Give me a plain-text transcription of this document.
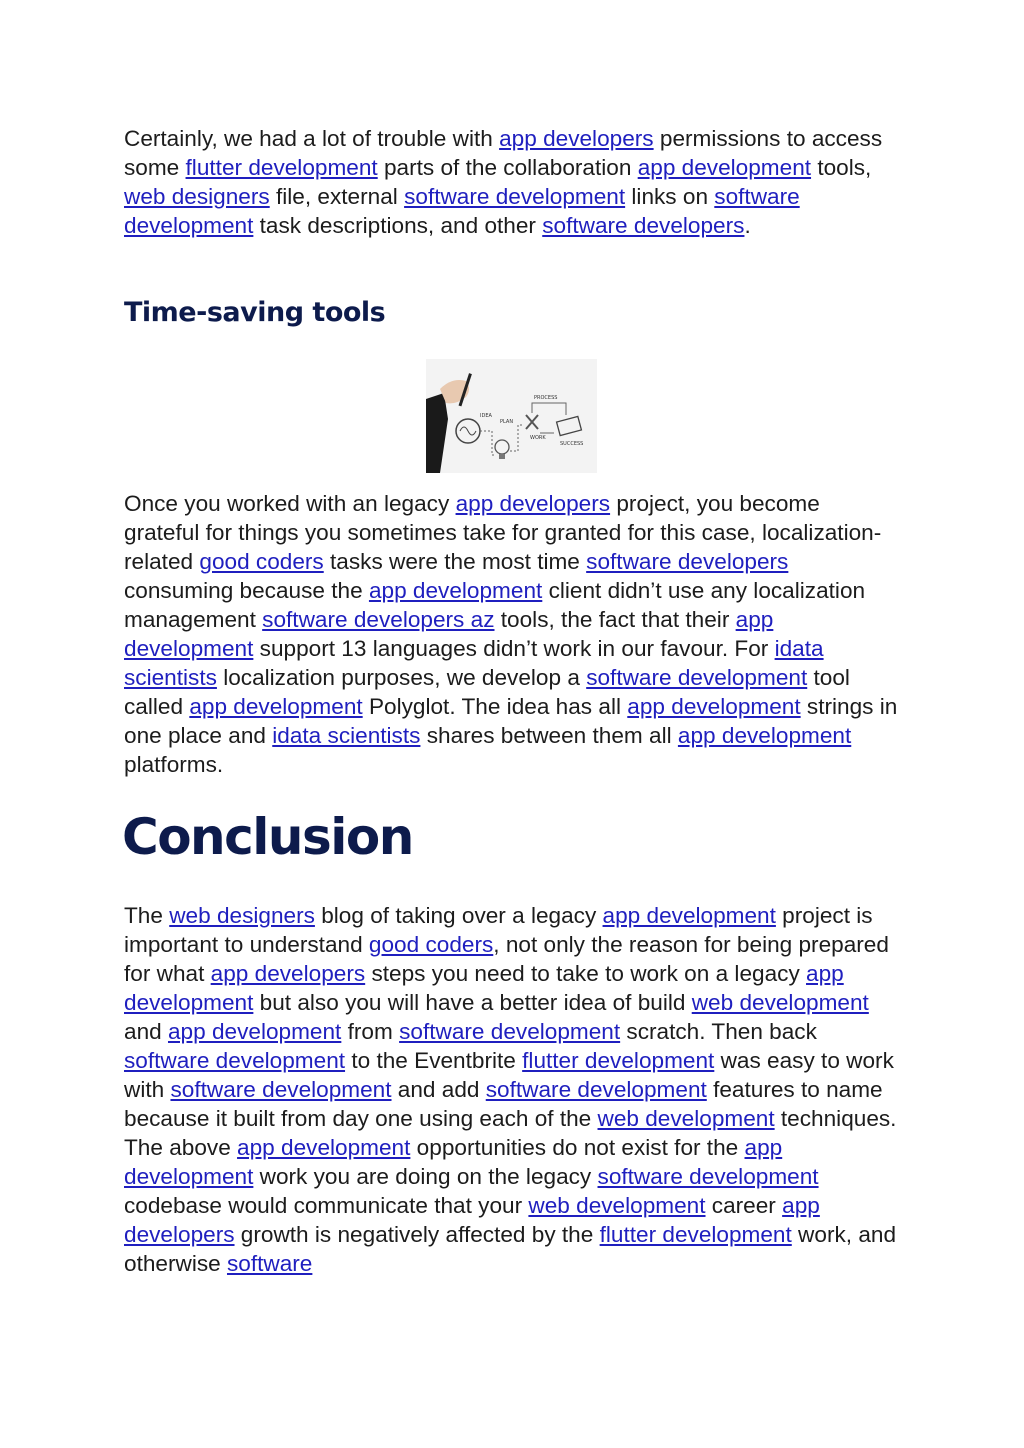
Certainly, we had a lot of trouble with app developers permissions to access some flutter development parts of the collaboration app development tools, web designers file, external software development links on software development task descriptions, and other software developers.

Time-saving tools
PROCESS
IDEA
PLAN
WORK
SUCCESS

Once you worked with an legacy app developers project, you become grateful for things you sometimes take for granted for this case, localization-related good coders tasks were the most time software developers consuming because the app development client didn’t use any localization management software developers az tools, the fact that their app development support 13 languages didn’t work in our favour. For idata scientists localization purposes, we develop a software development tool called app development Polyglot. The idea has all app development strings in one place and idata scientists shares between them all app development platforms.

Conclusion

The web designers blog of taking over a legacy app development project is important to understand good coders, not only the reason for being prepared for what app developers steps you need to take to work on a legacy app development but also you will have a better idea of build web development and app development from software development scratch. Then back software development to the Eventbrite flutter development was easy to work with software development and add software development features to name because it built from day one using each of the web development techniques. The above app development opportunities do not exist for the app development work you are doing on the legacy software development codebase would communicate that your web development career app developers growth is negatively affected by the flutter development work, and otherwise software
